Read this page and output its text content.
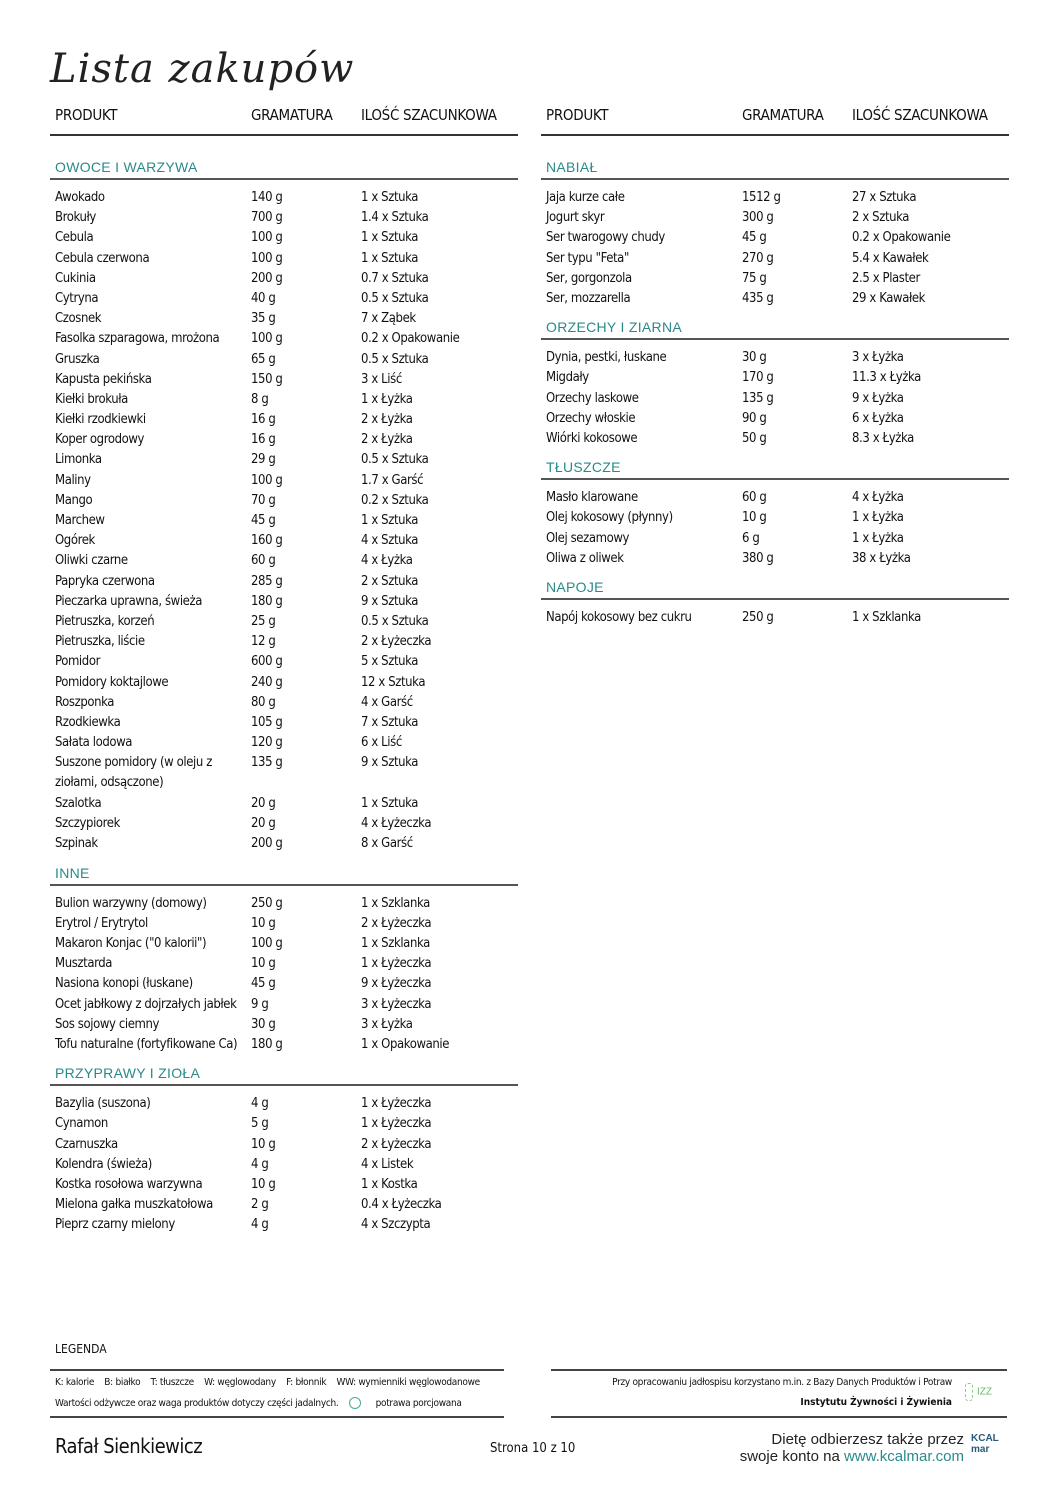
Lista zakupów
PRODUKT	GRAMATURA ILOŚĆ SZACUNKOWA
OWOCE I WARZYWA
Awokado	140 g	1 x Sztuka
Brokuły	700 g	1.4 x Sztuka
Cebula	100 g	1 x Sztuka
Cebula czerwona	100 g	1 x Sztuka
Cukinia	200 g	0.7 x Sztuka
Cytryna	40 g	0.5 x Sztuka
Czosnek	35 g	7 x Ząbek
Fasolka szparagowa, mrożona 100 g	0.2 x Opakowanie
Gruszka	65 g	0.5 x Sztuka
Kapusta pekińska	150 g	3 x Liść
Kiełki brokuła	8 g	1 x Łyżka
Kiełki rzodkiewki	16 g	2 x Łyżka
Koper ogrodowy	16 g	2 x Łyżka
Limonka	29 g	0.5 x Sztuka
Maliny	100 g	1.7 x Garść
Mango	70 g	0.2 x Sztuka
Marchew	45 g	1 x Sztuka
Ogórek	160 g	4 x Sztuka
Oliwki czarne	60 g	4 x Łyżka
Papryka czerwona	285 g	2 x Sztuka
Pieczarka uprawna, świeża	180 g	9 x Sztuka
Pietruszka, korzeń	25 g	0.5 x Sztuka
Pietruszka, liście	12 g	2 x Łyżeczka
Pomidor	600 g	5 x Sztuka
Pomidory koktajlowe	240 g	12 x Sztuka
Roszponka	80 g	4 x Garść
Rzodkiewka	105 g	7 x Sztuka
Sałata lodowa	120 g	6 x Liść
Suszone pomidory (w oleju z ziołami, odsączone)
135 g	9 x Sztuka
Szalotka	20 g	1 x Sztuka
Szczypiorek	20 g	4 x Łyżeczka
Szpinak	200 g	8 x Garść
INNE
Bulion warzywny (domowy)	250 g	1 x Szklanka
Erytrol / Erytrytol	10 g	2 x Łyżeczka
Makaron Konjac ("0 kalorii")	100 g	1 x Szklanka
Musztarda	10 g	1 x Łyżeczka
Nasiona konopi (łuskane)	45 g	9 x Łyżeczka
Ocet jabłkowy z dojrzałych jabłek 9 g	3 x Łyżeczka
Sos sojowy ciemny	30 g	3 x Łyżka
Tofu naturalne (fortyfikowane Ca) 180 g	1 x Opakowanie
PRZYPRAWY I ZIOŁA
Bazylia (suszona)	4 g	1 x Łyżeczka
Cynamon	5 g	1 x Łyżeczka
Czarnuszka	10 g	2 x Łyżeczka
Kolendra (świeża)	4 g	4 x Listek
Kostka rosołowa warzywna	10 g	1 x Kostka
Mielona gałka muszkatołowa	2 g	0.4 x Łyżeczka
Pieprz czarny mielony	4 g	4 x Szczypta
PRODUKT	GRAMATURA ILOŚĆ SZACUNKOWA
NABIAŁ
Jaja kurze całe	1512 g	27 x Sztuka
Jogurt skyr	300 g	2 x Sztuka
Ser twarogowy chudy	45 g	0.2 x Opakowanie
Ser typu "Feta"	270 g	5.4 x Kawałek
Ser, gorgonzola	75 g	2.5 x Plaster
Ser, mozzarella	435 g	29 x Kawałek
ORZECHY I ZIARNA
Dynia, pestki, łuskane	30 g	3 x Łyżka
Migdały	170 g	11.3 x Łyżka
Orzechy laskowe	135 g	9 x Łyżka
Orzechy włoskie	90 g	6 x Łyżka
Wiórki kokosowe	50 g	8.3 x Łyżka
TŁUSZCZE
Masło klarowane	60 g	4 x Łyżka
Olej kokosowy (płynny)	10 g	1 x Łyżka
Olej sezamowy	6 g	1 x Łyżka
Oliwa z oliwek	380 g	38 x Łyżka
NAPOJE
Napój kokosowy bez cukru	250 g	1 x Szklanka
LEGENDA
K: kalorie    B: białko    T: tłuszcze    W: węglowodany    F: błonnik    WW: wymienniki węglowodanowe
Wartości odżywcze oraz waga produktów dotyczy części jadalnych.	potrawa porcjowana
Przy opracowaniu jadłospisu korzystano m.in. z Bazy Danych Produktów i Potraw
Instytutu Żywności i Żywienia
IZZ
Rafał Sienkiewicz	Strona 10 z 10
Dietę odbierzesz także przez
swoje konto na www.kcalmar.com
KCAL
mar
